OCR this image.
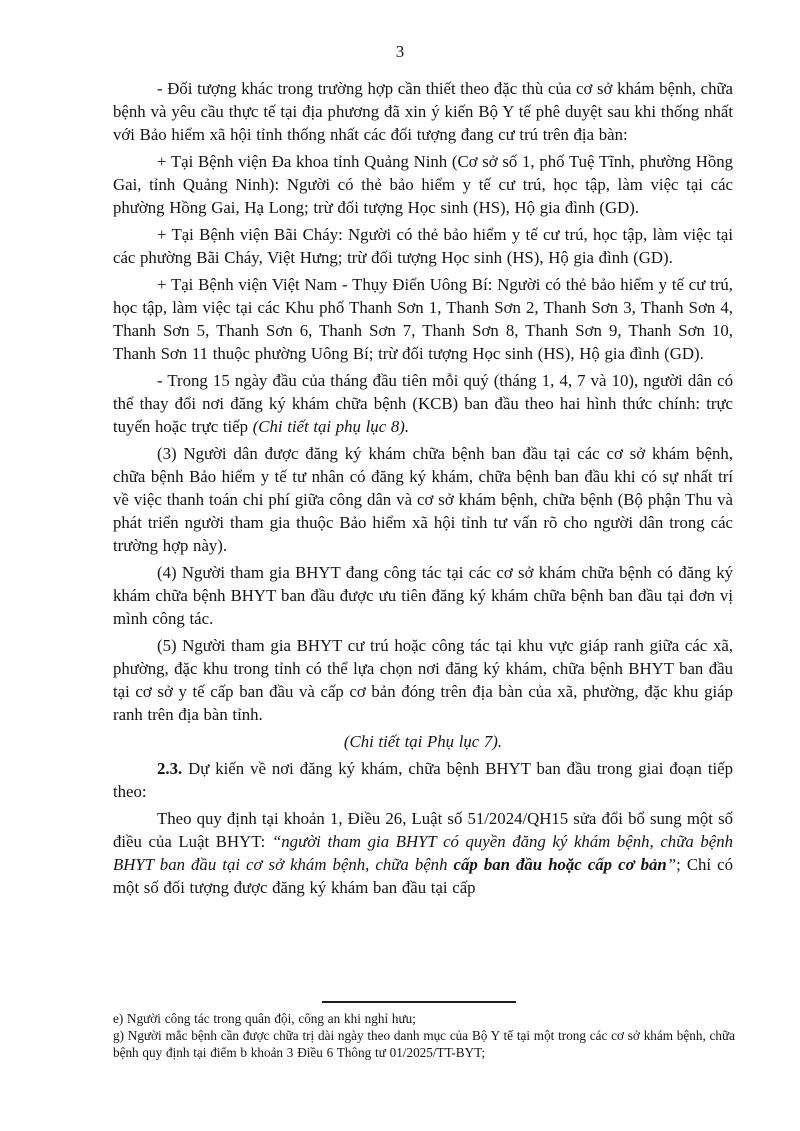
3

- Đối tượng khác trong trường hợp cần thiết theo đặc thù của cơ sở khám bệnh, chữa bệnh và yêu cầu thực tế tại địa phương đã xin ý kiến Bộ Y tế phê duyệt sau khi thống nhất với Bảo hiểm xã hội tỉnh thống nhất các đối tượng đang cư trú trên địa bàn:

+ Tại Bệnh viện Đa khoa tỉnh Quảng Ninh (Cơ sở số 1, phố Tuệ Tĩnh, phường Hồng Gai, tỉnh Quảng Ninh): Người có thẻ bảo hiểm y tế cư trú, học tập, làm việc tại các phường Hồng Gai, Hạ Long; trừ đối tượng Học sinh (HS), Hộ gia đình (GD).

+ Tại Bệnh viện Bãi Cháy: Người có thẻ bảo hiểm y tế cư trú, học tập, làm việc tại các phường Bãi Cháy, Việt Hưng; trừ đối tượng Học sinh (HS), Hộ gia đình (GD).

+ Tại Bệnh viện Việt Nam - Thụy Điển Uông Bí: Người có thẻ bảo hiểm y tế cư trú, học tập, làm việc tại các Khu phố Thanh Sơn 1, Thanh Sơn 2, Thanh Sơn 3, Thanh Sơn 4, Thanh Sơn 5, Thanh Sơn 6, Thanh Sơn 7, Thanh Sơn 8, Thanh Sơn 9, Thanh Sơn 10, Thanh Sơn 11 thuộc phường Uông Bí; trừ đối tượng Học sinh (HS), Hộ gia đình (GD).

- Trong 15 ngày đầu của tháng đầu tiên mỗi quý (tháng 1, 4, 7 và 10), người dân có thể thay đổi nơi đăng ký khám chữa bệnh (KCB) ban đầu theo hai hình thức chính: trực tuyến hoặc trực tiếp (Chi tiết tại phụ lục 8).

(3) Người dân được đăng ký khám chữa bệnh ban đầu tại các cơ sở khám bệnh, chữa bệnh Bảo hiểm y tế tư nhân có đăng ký khám, chữa bệnh ban đầu khi có sự nhất trí về việc thanh toán chi phí giữa công dân và cơ sở khám bệnh, chữa bệnh (Bộ phận Thu và phát triển người tham gia thuộc Bảo hiểm xã hội tỉnh tư vấn rõ cho người dân trong các trường hợp này).

(4) Người tham gia BHYT đang công tác tại các cơ sở khám chữa bệnh có đăng ký khám chữa bệnh BHYT ban đầu được ưu tiên đăng ký khám chữa bệnh ban đầu tại đơn vị mình công tác.

(5) Người tham gia BHYT cư trú hoặc công tác tại khu vực giáp ranh giữa các xã, phường, đặc khu trong tỉnh có thể lựa chọn nơi đăng ký khám, chữa bệnh BHYT ban đầu tại cơ sở y tế cấp ban đầu và cấp cơ bản đóng trên địa bàn của xã, phường, đặc khu giáp ranh trên địa bàn tỉnh.

(Chi tiết tại Phụ lục 7).

2.3. Dự kiến về nơi đăng ký khám, chữa bệnh BHYT ban đầu trong giai đoạn tiếp theo:

Theo quy định tại khoản 1, Điều 26, Luật số 51/2024/QH15 sửa đổi bổ sung một số điều của Luật BHYT: “người tham gia BHYT có quyền đăng ký khám bệnh, chữa bệnh BHYT ban đầu tại cơ sở khám bệnh, chữa bệnh cấp ban đầu hoặc cấp cơ bản”; Chỉ có một số đối tượng được đăng ký khám ban đầu tại cấp

e) Người công tác trong quân đội, công an khi nghỉ hưu;

g) Người mắc bệnh cần được chữa trị dài ngày theo danh mục của Bộ Y tế tại một trong các cơ sở khám bệnh, chữa bệnh quy định tại điểm b khoản 3 Điều 6 Thông tư 01/2025/TT-BYT;
